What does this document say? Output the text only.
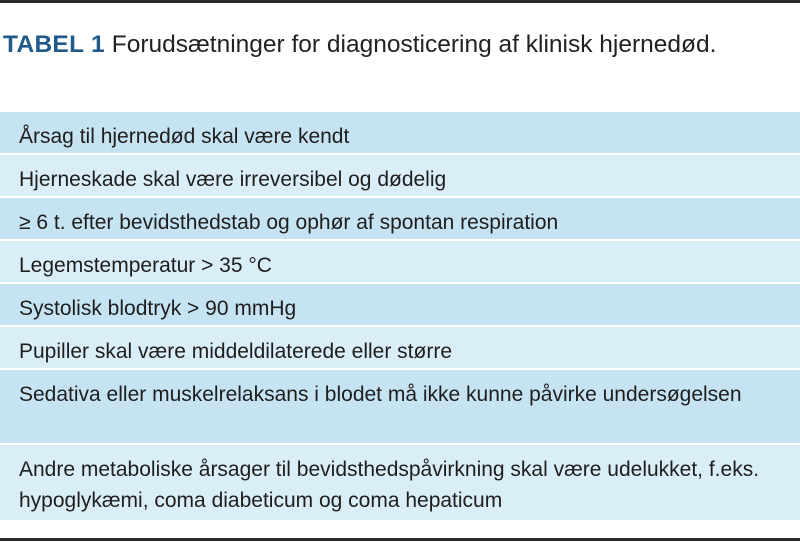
TABEL 1 Forudsætninger for diagnosticering af klinisk hjernedød.
Årsag til hjernedød skal være kendt
Hjerneskade skal være irreversibel og dødelig
≥ 6 t. efter bevidsthedstab og ophør af spontan respiration
Legemstemperatur > 35 °C
Systolisk blodtryk > 90 mmHg
Pupiller skal være middeldilaterede eller større
Sedativa eller muskelrelaksans i blodet må ikke kunne påvirke undersøgelsen
Andre metaboliske årsager til bevidsthedspåvirkning skal være udelukket, f.eks. hypoglykæmi, coma diabeticum og coma hepaticum
